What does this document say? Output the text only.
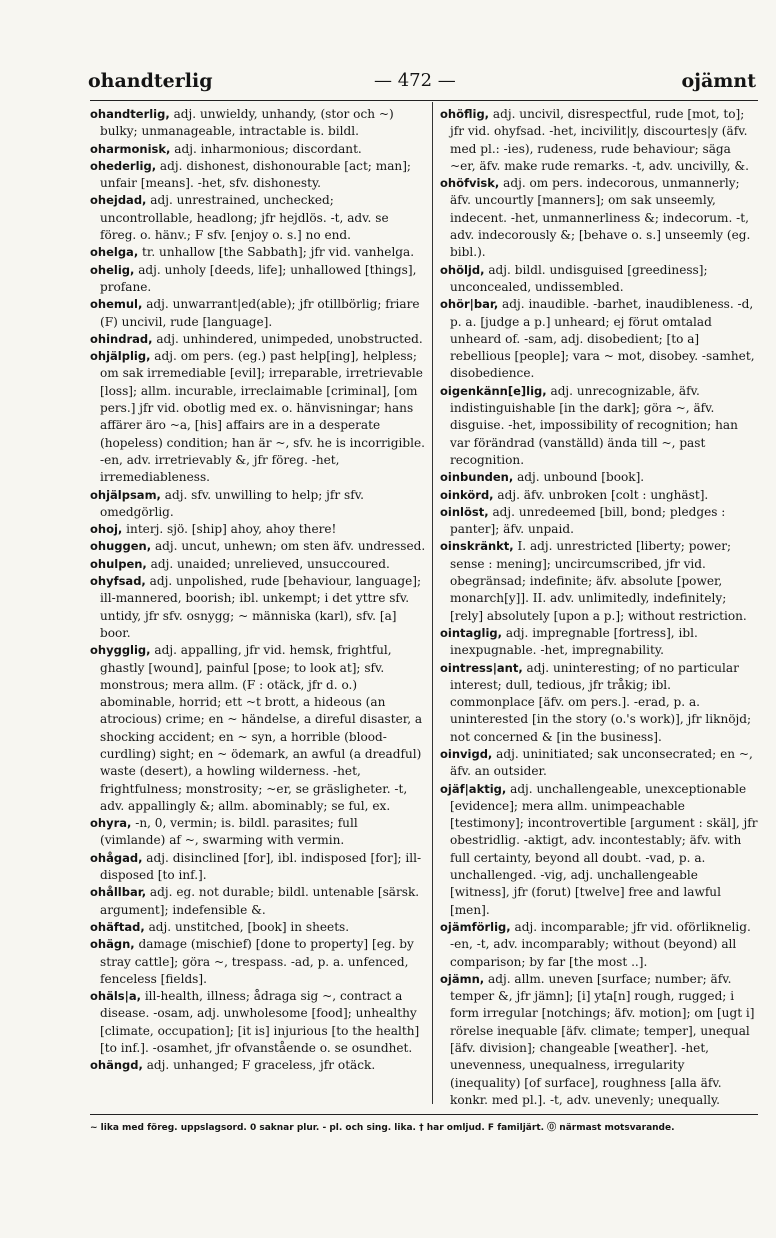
ohandterlig	— 472 —	ojämnt

ohandterlig, adj. unwieldy, unhandy, (stor och ~) bulky; unmanageable, intractable is. bildl.

oharmonisk, adj. inharmonious; discordant.

ohederlig, adj. dishonest, dishonourable [act; man]; unfair [means]. -het, sfv. dishonesty.

ohejdad, adj. unrestrained, unchecked; uncontrollable, headlong; jfr hejdlös. -t, adv. se föreg. o. hänv.; F sfv. [enjoy o. s.] no end.

ohelga, tr. unhallow [the Sabbath]; jfr vid. vanhelga.

ohelig, adj. unholy [deeds, life]; unhallowed [things], profane.

ohemul, adj. unwarrant|ed(able); jfr otillbörlig; friare (F) uncivil, rude [language].

ohindrad, adj. unhindered, unimpeded, unobstructed.

ohjälplig, adj. om pers. (eg.) past help[ing], helpless; om sak irremediable [evil]; irreparable, irretrievable [loss]; allm. incurable, irreclaimable [criminal], [om pers.] jfr vid. obotlig med ex. o. hänvisningar; hans affärer äro ~a, [his] affairs are in a desperate (hopeless) condition; han är ~, sfv. he is incorrigible. -en, adv. irretrievably &, jfr föreg. -het, irremediableness.

ohjälpsam, adj. sfv. unwilling to help; jfr sfv. omedgörlig.

ohoj, interj. sjö. [ship] ahoy, ahoy there!

ohuggen, adj. uncut, unhewn; om sten äfv. undressed.

ohulpen, adj. unaided; unrelieved, unsuccoured.

ohyfsad, adj. unpolished, rude [behaviour, language]; ill-mannered, boorish; ibl. unkempt; i det yttre sfv. untidy, jfr sfv. osnygg; ~ människa (karl), sfv. [a] boor.

ohygglig, adj. appalling, jfr vid. hemsk, frightful, ghastly [wound], painful [pose; to look at]; sfv. monstrous; mera allm. (F : otäck, jfr d. o.) abominable, horrid; ett ~t brott, a hideous (an atrocious) crime; en ~ händelse, a direful disaster, a shocking accident; en ~ syn, a horrible (blood-curdling) sight; en ~ ödemark, an awful (a dreadful) waste (desert), a howling wilderness. -het, frightfulness; monstrosity; ~er, se gräsligheter. -t, adv. appallingly &; allm. abominably; se ful, ex.

ohyra, -n, 0, vermin; is. bildl. parasites; full (vimlande) af ~, swarming with vermin.

ohågad, adj. disinclined [for], ibl. indisposed [for]; ill-disposed [to inf.].

ohållbar, adj. eg. not durable; bildl. untenable [särsk. argument]; indefensible &.

ohäftad, adj. unstitched, [book] in sheets.

ohägn, damage (mischief) [done to property] [eg. by stray cattle]; göra ~, trespass. -ad, p. a. unfenced, fenceless [fields].

ohäls|a, ill-health, illness; ådraga sig ~, contract a disease. -osam, adj. unwholesome [food]; unhealthy [climate, occupation]; [it is] injurious [to the health] [to inf.]. -osamhet, jfr ofvanstående o. se osundhet.

ohängd, adj. unhanged; F graceless, jfr otäck.

ohöflig, adj. uncivil, disrespectful, rude [mot, to]; jfr vid. ohyfsad. -het, incivilit|y, discourtes|y (äfv. med pl.: -ies), rudeness, rude behaviour; säga ~er, äfv. make rude remarks. -t, adv. uncivilly, &.

ohöfvisk, adj. om pers. indecorous, unmannerly; äfv. uncourtly [manners]; om sak unseemly, indecent. -het, unmannerliness &; indecorum. -t, adv. indecorously &; [behave o. s.] unseemly (eg. bibl.).

ohöljd, adj. bildl. undisguised [greediness]; unconcealed, undissembled.

ohör|bar, adj. inaudible. -barhet, inaudibleness. -d, p. a. [judge a p.] unheard; ej förut omtalad unheard of. -sam, adj. disobedient; [to a] rebellious [people]; vara ~ mot, disobey. -samhet, disobedience.

oigenkänn[e]lig, adj. unrecognizable, äfv. indistinguishable [in the dark]; göra ~, äfv. disguise. -het, impossibility of recognition; han var förändrad (vanställd) ända till ~, past recognition.

oinbunden, adj. unbound [book].

oinkörd, adj. äfv. unbroken [colt : unghäst].

oinlöst, adj. unredeemed [bill, bond; pledges : panter]; äfv. unpaid.

oinskränkt, I. adj. unrestricted [liberty; power; sense : mening]; uncircumscribed, jfr vid. obegränsad; indefinite; äfv. absolute [power, monarch[y]]. II. adv. unlimitedly, indefinitely; [rely] absolutely [upon a p.]; without restriction.

ointaglig, adj. impregnable [fortress], ibl. inexpugnable. -het, impregnability.

ointress|ant, adj. uninteresting; of no particular interest; dull, tedious, jfr tråkig; ibl. commonplace [äfv. om pers.]. -erad, p. a. uninterested [in the story (o.'s work)], jfr liknöjd; not concerned & [in the business].

oinvigd, adj. uninitiated; sak unconsecrated; en ~, äfv. an outsider.

ojäf|aktig, adj. unchallengeable, unexceptionable [evidence]; mera allm. unimpeachable [testimony]; incontrovertible [argument : skäl], jfr obestridlig. -aktigt, adv. incontestably; äfv. with full certainty, beyond all doubt. -vad, p. a. unchallenged. -vig, adj. unchallengeable [witness], jfr (forut) [twelve] free and lawful [men].

ojämförlig, adj. incomparable; jfr vid. oförliknelig. -en, -t, adv. incomparably; without (beyond) all comparison; by far [the most ..].

ojämn, adj. allm. uneven [surface; number; äfv. temper &, jfr jämn]; [i] yta[n] rough, rugged; i form irregular [notchings; äfv. motion]; om [ugt i] rörelse inequable [äfv. climate; temper], unequal [äfv. division]; changeable [weather]. -het, unevenness, unequalness, irregularity (inequality) [of surface], roughness [alla äfv. konkr. med pl.]. -t, adv. unevenly; unequally.

~ lika med föreg. uppslagsord. 0 saknar plur. - pl. och sing. lika. † har omljud. F familjärt. ⓪ närmast motsvarande.
